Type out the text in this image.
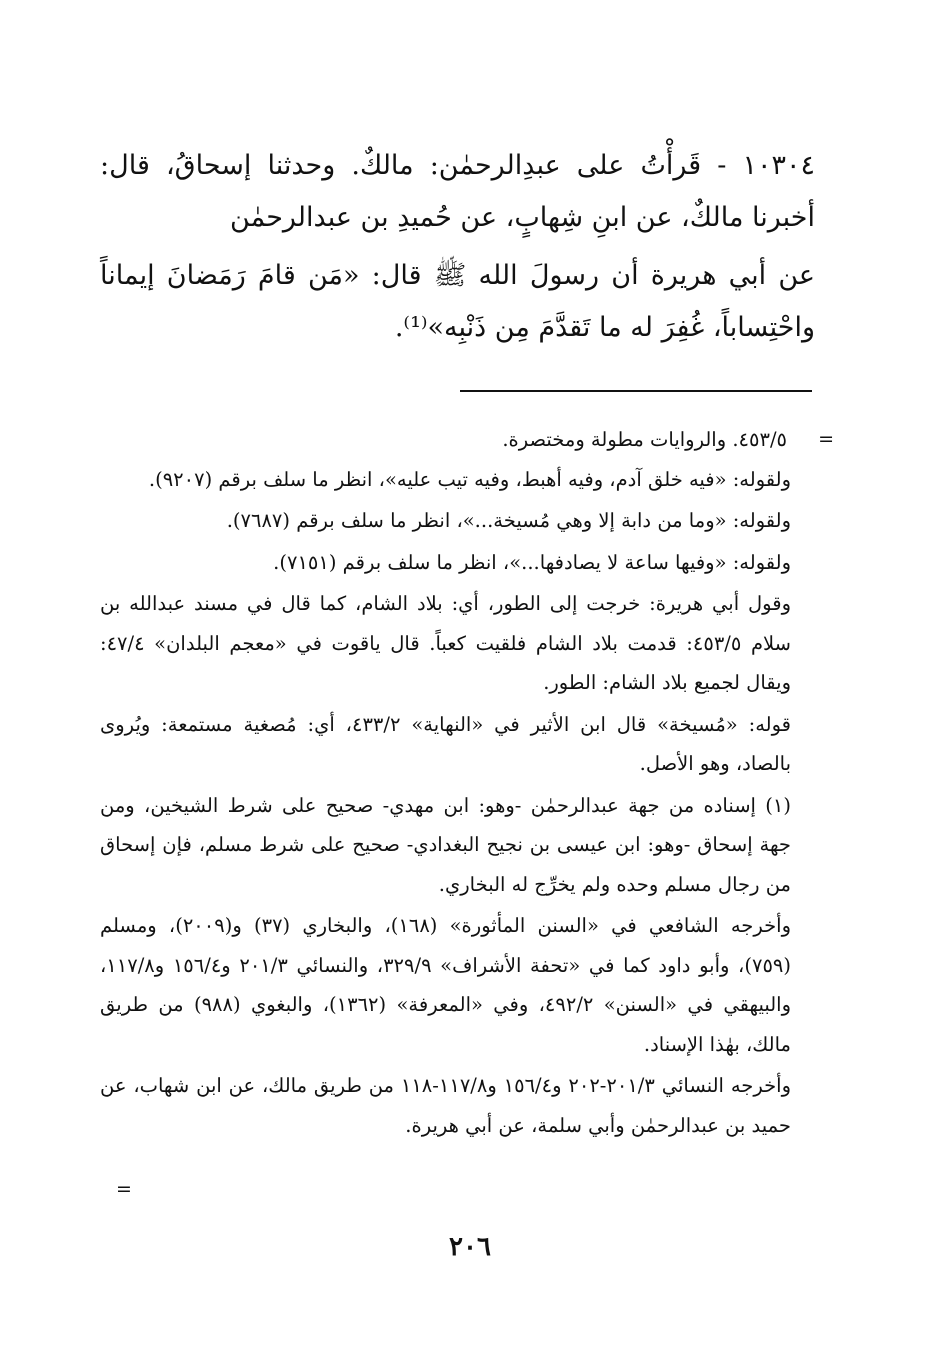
١٠٣٠٤ - قَرأْتُ على عبدِالرحمٰن: مالكٌ. وحدثنا إسحاقُ، قال: أخبرنا مالكٌ، عن ابنِ شِهابٍ، عن حُميدِ بن عبدالرحمٰن

عن أبي هريرة أن رسولَ الله ﷺ قال: «مَن قامَ رَمَضانَ إيماناً واحْتِساباً، غُفِرَ له ما تَقدَّمَ مِن ذَنْبِه»⁽¹⁾.

=

٤٥٣/٥. والروايات مطولة ومختصرة.

ولقوله: «فيه خلق آدم، وفيه أهبط، وفيه تيب عليه»، انظر ما سلف برقم (٩٢٠٧).

ولقوله: «وما من دابة إلا وهي مُسيخة...»، انظر ما سلف برقم (٧٦٨٧).

ولقوله: «وفيها ساعة لا يصادفها...»، انظر ما سلف برقم (٧١٥١).

وقول أبي هريرة: خرجت إلى الطور، أي: بلاد الشام، كما قال في مسند عبدالله بن سلام ٤٥٣/٥: قدمت بلاد الشام فلقيت كعباً. قال ياقوت في «معجم البلدان» ٤٧/٤: ويقال لجميع بلاد الشام: الطور.

قوله: «مُسيخة» قال ابن الأثير في «النهاية» ٤٣٣/٢، أي: مُصغية مستمعة: ويُروى بالصاد، وهو الأصل.

(١) إسناده من جهة عبدالرحمٰن -وهو: ابن مهدي- صحيح على شرط الشيخين، ومن جهة إسحاق -وهو: ابن عيسى بن نجيح البغدادي- صحيح على شرط مسلم، فإن إسحاق من رجال مسلم وحده ولم يخرِّج له البخاري.

وأخرجه الشافعي في «السنن المأثورة» (١٦٨)، والبخاري (٣٧) و(٢٠٠٩)، ومسلم (٧٥٩)، وأبو داود كما في «تحفة الأشراف» ٣٢٩/٩، والنسائي ٢٠١/٣ و١٥٦/٤ و١١٧/٨، والبيهقي في «السنن» ٤٩٢/٢، وفي «المعرفة» (١٣٦٢)، والبغوي (٩٨٨) من طريق مالك، بهٰذا الإسناد.

وأخرجه النسائي ٢٠١/٣-٢٠٢ و١٥٦/٤ و١١٧/٨-١١٨ من طريق مالك، عن ابن شهاب، عن حميد بن عبدالرحمٰن وأبي سلمة، عن أبي هريرة.

=
٢٠٦
